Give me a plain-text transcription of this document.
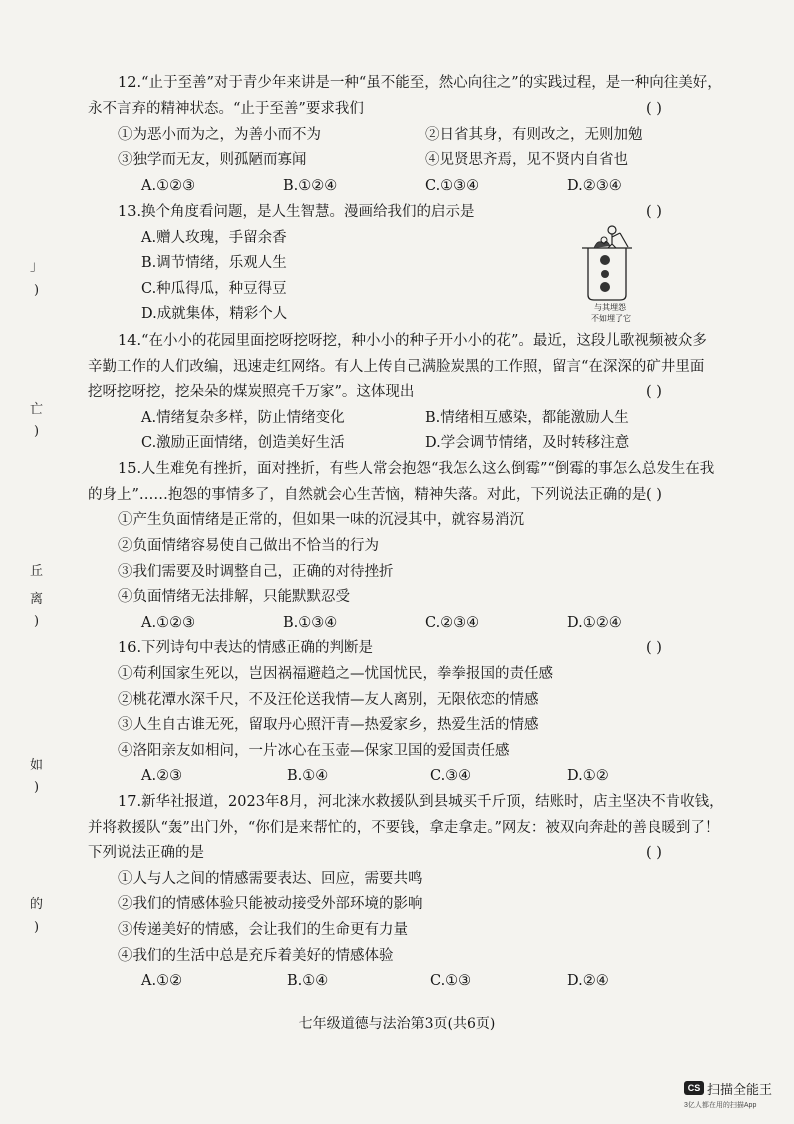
」
)
亡
)
丘
离
)
如
)
的
)
12.“止于至善”对于青少年来讲是一种“虽不能至，然心向往之”的实践过程，是一种向往美好，
永不言弃的精神状态。“止于至善”要求我们	( )
①为恶小而为之，为善小而不为	②日省其身，有则改之，无则加勉
③独学而无友，则孤陋而寡闻	④见贤思齐焉，见不贤内自省也
A.①②③	B.①②④	C.①③④	D.②③④
13.换个角度看问题，是人生智慧。漫画给我们的启示是	( )
A.赠人玫瑰，手留余香
B.调节情绪，乐观人生
C.种瓜得瓜，种豆得豆
D.成就集体，精彩个人	与其埋怨
不如埋了它
14.“在小小的花园里面挖呀挖呀挖，种小小的种子开小小的花”。最近，这段儿歌视频被众多
辛勤工作的人们改编，迅速走红网络。有人上传自己满脸炭黑的工作照，留言“在深深的矿井里面
挖呀挖呀挖，挖朵朵的煤炭照亮千万家”。这体现出	( )
A.情绪复杂多样，防止情绪变化	B.情绪相互感染，都能激励人生
C.激励正面情绪，创造美好生活	D.学会调节情绪，及时转移注意
15.人生难免有挫折，面对挫折，有些人常会抱怨“我怎么这么倒霉”“倒霉的事怎么总发生在我
的身上”……抱怨的事情多了，自然就会心生苦恼，精神失落。对此，下列说法正确的是 ( )
①产生负面情绪是正常的，但如果一味的沉浸其中，就容易消沉
②负面情绪容易使自己做出不恰当的行为
③我们需要及时调整自己，正确的对待挫折
④负面情绪无法排解，只能默默忍受
A.①②③	B.①③④	C.②③④	D.①②④
16.下列诗句中表达的情感正确的判断是	( )
①苟利国家生死以，岂因祸福避趋之—忧国忧民，拳拳报国的责任感
②桃花潭水深千尺，不及汪伦送我情—友人离别，无限依恋的情感
③人生自古谁无死，留取丹心照汗青—热爱家乡，热爱生活的情感
④洛阳亲友如相问，一片冰心在玉壶—保家卫国的爱国责任感
A.②③	B.①④	C.③④	D.①②
17.新华社报道，2023年8月，河北涞水救援队到县城买千斤顶，结账时，店主坚决不肯收钱，
并将救援队“轰”出门外，“你们是来帮忙的，不要钱，拿走拿走。”网友：被双向奔赴的善良暖到了！
下列说法正确的是	( )
①人与人之间的情感需要表达、回应，需要共鸣
②我们的情感体验只能被动接受外部环境的影响
③传递美好的情感，会让我们的生命更有力量
④我们的生活中总是充斥着美好的情感体验
A.①②	B.①④	C.①③	D.②④
七年级道德与法治第3页(共6页)
CS 扫描全能王
3亿人都在用的扫描App
